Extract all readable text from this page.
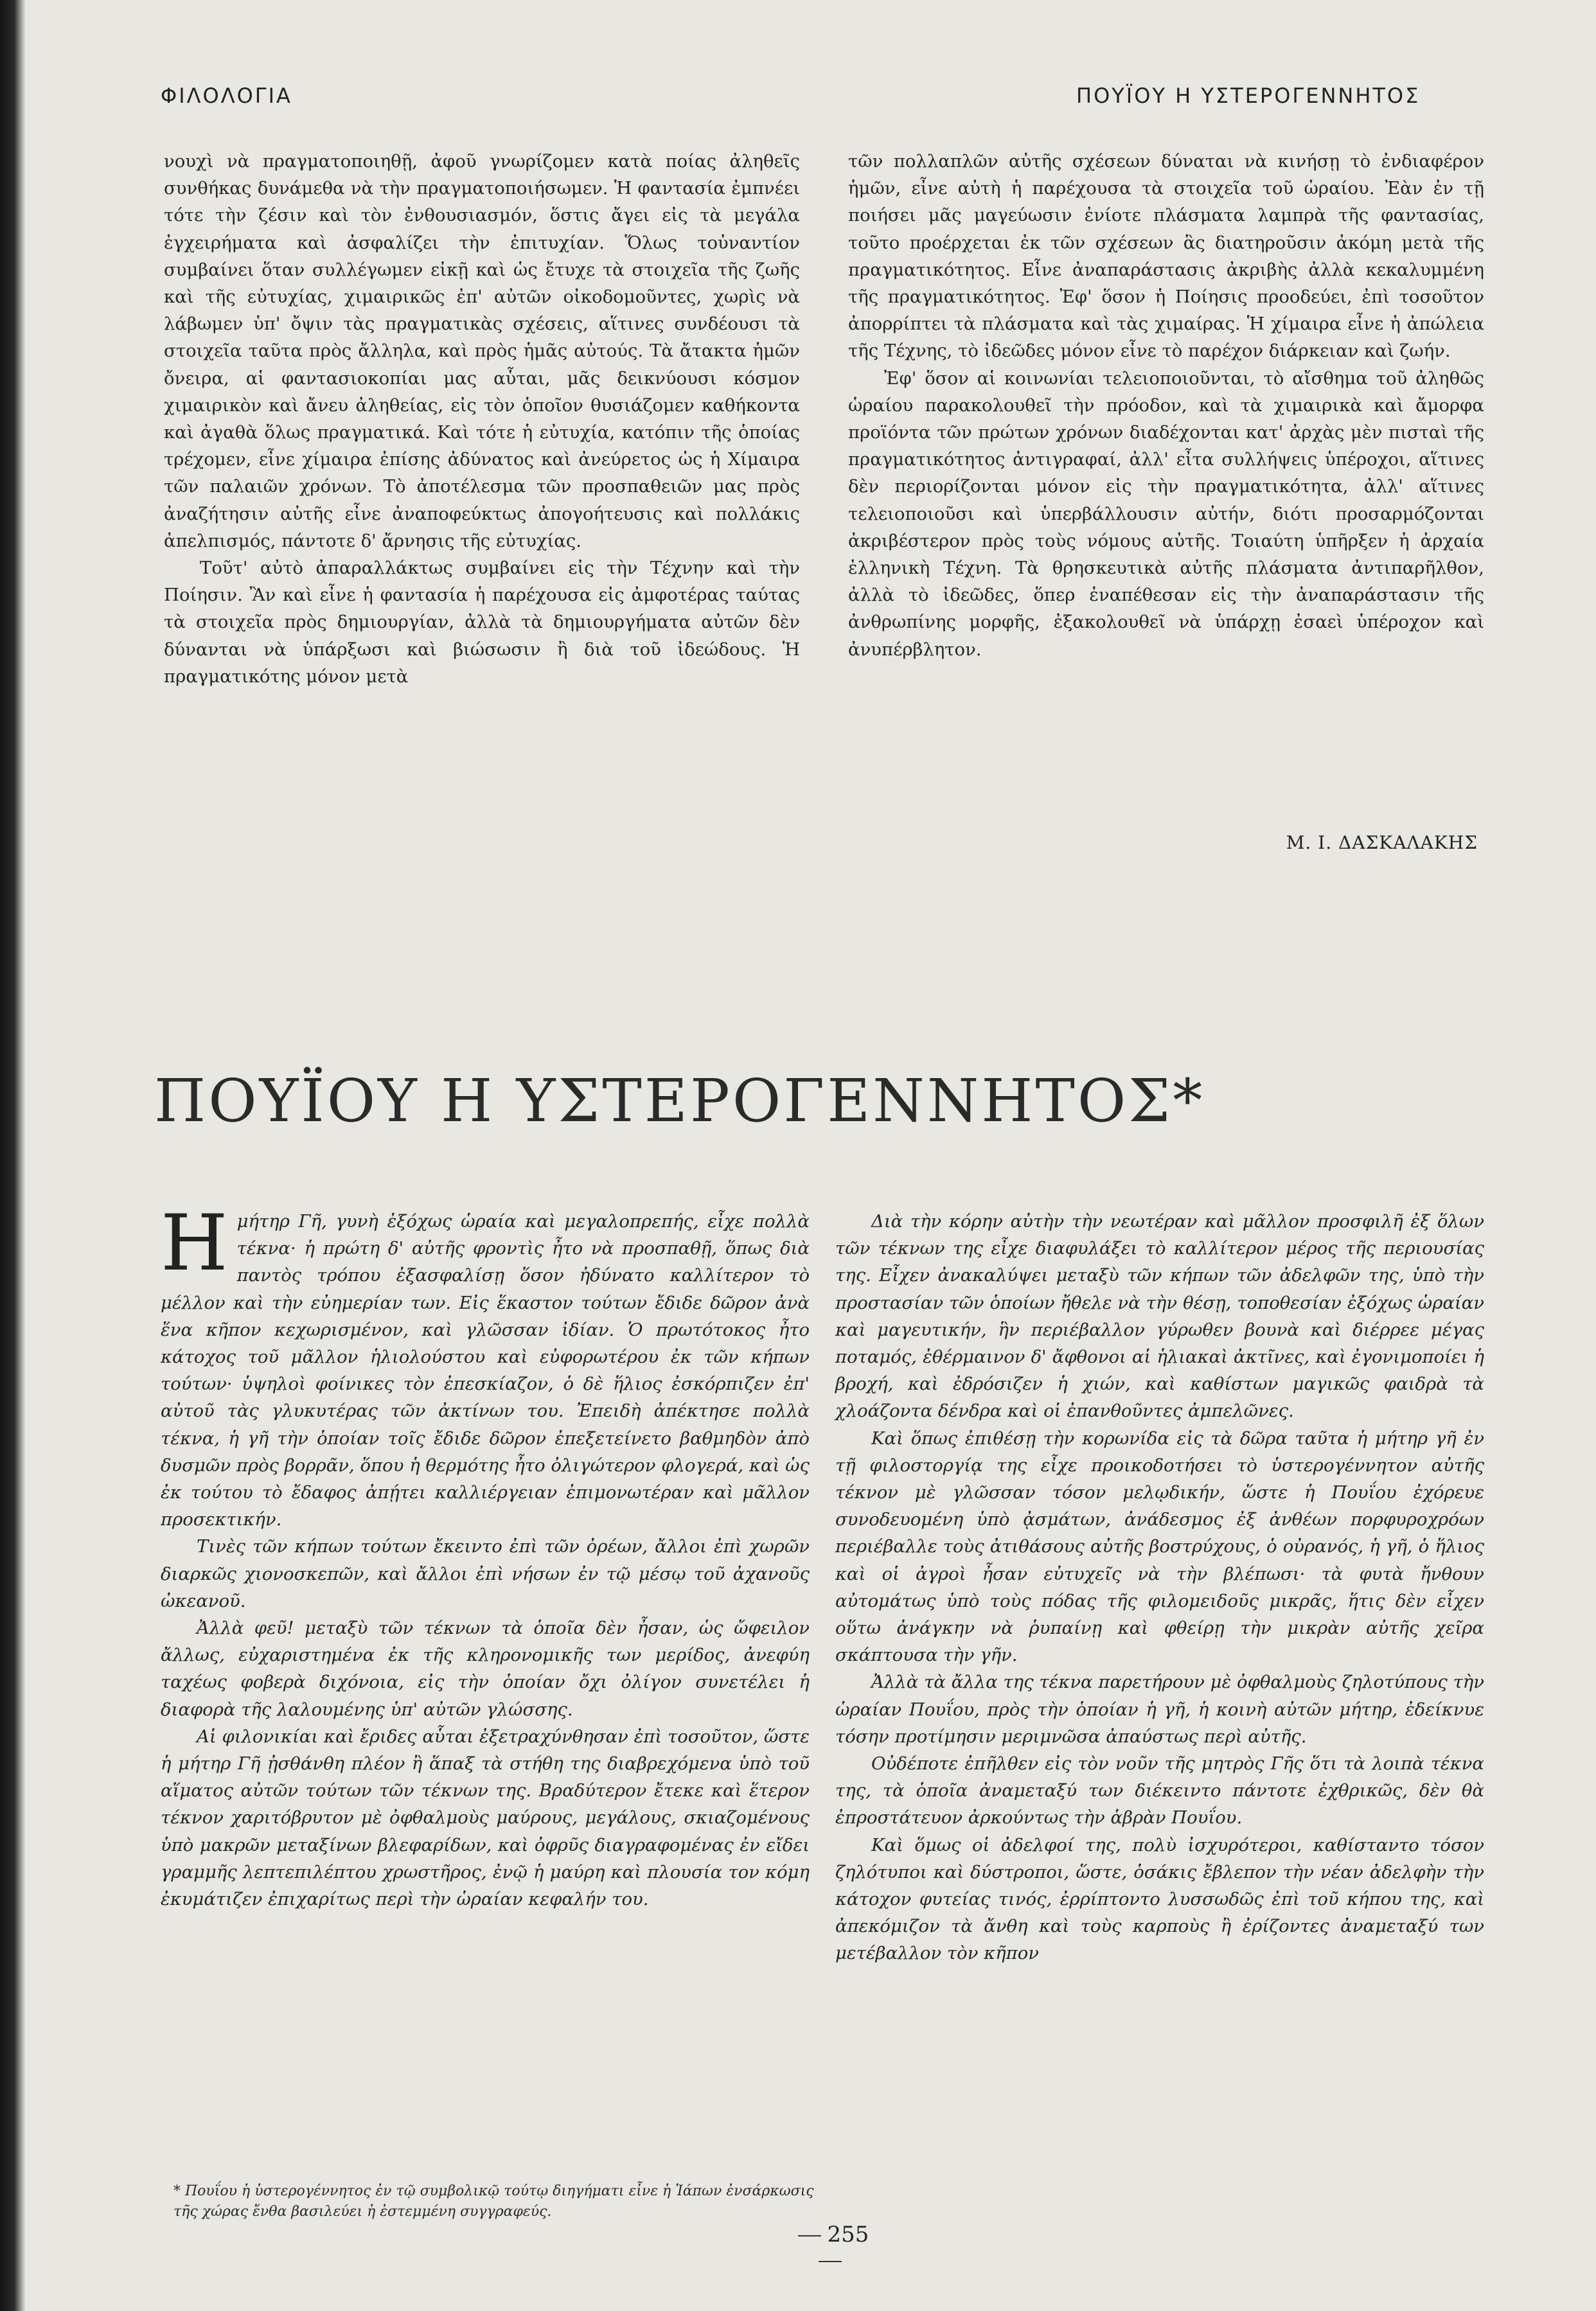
ΦΙΛΟΛΟΓΙΑ	ΠΟΥΪΟΥ Η ΥΣΤΕΡΟΓΕΝΝΗΤΟΣ

νουχὶ νὰ πραγματοποιηθῇ, ἀφοῦ γνωρίζομεν κατὰ ποίας ἀληθεῖς συνθήκας δυνάμεθα νὰ τὴν πραγματοποιήσωμεν. Ἡ φαντασία ἐμπνέει τότε τὴν ζέσιν καὶ τὸν ἐνθουσιασμόν, ὅστις ἄγει εἰς τὰ μεγάλα ἐγχειρήματα καὶ ἀσφαλίζει τὴν ἐπιτυχίαν. Ὅλως τοὐναντίον συμβαίνει ὅταν συλλέγωμεν εἰκῇ καὶ ὡς ἔτυχε τὰ στοιχεῖα τῆς ζωῆς καὶ τῆς εὐτυχίας, χιμαιρικῶς ἐπ' αὐτῶν οἰκοδομοῦντες, χωρὶς νὰ λάβωμεν ὑπ' ὄψιν τὰς πραγματικὰς σχέσεις, αἵτινες συνδέουσι τὰ στοιχεῖα ταῦτα πρὸς ἄλληλα, καὶ πρὸς ἡμᾶς αὐτούς. Τὰ ἄτακτα ἡμῶν ὄνειρα, αἱ φαντασιοκοπίαι μας αὗται, μᾶς δεικνύουσι κόσμον χιμαιρικὸν καὶ ἄνευ ἀληθείας, εἰς τὸν ὁποῖον θυσιάζομεν καθήκοντα καὶ ἀγαθὰ ὅλως πραγματικά. Καὶ τότε ἡ εὐτυχία, κατόπιν τῆς ὁποίας τρέχομεν, εἶνε χίμαιρα ἐπίσης ἀδύνατος καὶ ἀνεύρετος ὡς ἡ Χίμαιρα τῶν παλαιῶν χρόνων. Τὸ ἀποτέλεσμα τῶν προσπαθειῶν μας πρὸς ἀναζήτησιν αὐτῆς εἶνε ἀναποφεύκτως ἀπογοήτευσις καὶ πολλάκις ἀπελπισμός, πάντοτε δ' ἄρνησις τῆς εὐτυχίας.

Τοῦτ' αὐτὸ ἀπαραλλάκτως συμβαίνει εἰς τὴν Τέχνην καὶ τὴν Ποίησιν. Ἂν καὶ εἶνε ἡ φαντασία ἡ παρέχουσα εἰς ἀμφοτέρας ταύτας τὰ στοιχεῖα πρὸς δημιουργίαν, ἀλλὰ τὰ δημιουργήματα αὐτῶν δὲν δύνανται νὰ ὑπάρξωσι καὶ βιώσωσιν ἢ διὰ τοῦ ἰδεώδους. Ἡ πραγματικότης μόνον μετὰ

τῶν πολλαπλῶν αὐτῆς σχέσεων δύναται νὰ κινήσῃ τὸ ἐνδιαφέρον ἡμῶν, εἶνε αὐτὴ ἡ παρέχουσα τὰ στοιχεῖα τοῦ ὡραίου. Ἐὰν ἐν τῇ ποιήσει μᾶς μαγεύωσιν ἐνίοτε πλάσματα λαμπρὰ τῆς φαντασίας, τοῦτο προέρχεται ἐκ τῶν σχέσεων ἃς διατηροῦσιν ἀκόμη μετὰ τῆς πραγματικότητος. Εἶνε ἀναπαράστασις ἀκριβὴς ἀλλὰ κεκαλυμμένη τῆς πραγματικότητος. Ἐφ' ὅσον ἡ Ποίησις προοδεύει, ἐπὶ τοσοῦτον ἀπορρίπτει τὰ πλάσματα καὶ τὰς χιμαίρας. Ἡ χίμαιρα εἶνε ἡ ἀπώλεια τῆς Τέχνης, τὸ ἰδεῶδες μόνον εἶνε τὸ παρέχον διάρκειαν καὶ ζωήν.

Ἐφ' ὅσον αἱ κοινωνίαι τελειοποιοῦνται, τὸ αἴσθημα τοῦ ἀληθῶς ὡραίου παρακολουθεῖ τὴν πρόοδον, καὶ τὰ χιμαιρικὰ καὶ ἄμορφα προϊόντα τῶν πρώτων χρόνων διαδέχονται κατ' ἀρχὰς μὲν πισταὶ τῆς πραγματικότητος ἀντιγραφαί, ἀλλ' εἶτα συλλήψεις ὑπέροχοι, αἵτινες δὲν περιορίζονται μόνον εἰς τὴν πραγματικότητα, ἀλλ' αἵτινες τελειοποιοῦσι καὶ ὑπερβάλλουσιν αὐτήν, διότι προσαρμόζονται ἀκριβέστερον πρὸς τοὺς νόμους αὐτῆς. Τοιαύτη ὑπῆρξεν ἡ ἀρχαία ἑλληνικὴ Τέχνη. Τὰ θρησκευτικὰ αὐτῆς πλάσματα ἀντιπαρῆλθον, ἀλλὰ τὸ ἰδεῶδες, ὅπερ ἐναπέθεσαν εἰς τὴν ἀναπαράστασιν τῆς ἀνθρωπίνης μορφῆς, ἐξακολουθεῖ νὰ ὑπάρχῃ ἐσαεὶ ὑπέροχον καὶ ἀνυπέρβλητον.

Μ. Ι. ΔΑΣΚΑΛΑΚΗΣ
ΠΟΥΪΟΥ Η ΥΣΤΕΡΟΓΕΝΝΗΤΟΣ*

Ημήτηρ Γῆ, γυνὴ ἐξόχως ὡραία καὶ μεγαλοπρεπής, εἶχε πολλὰ τέκνα· ἡ πρώτη δ' αὐτῆς φροντὶς ἦτο νὰ προσπαθῇ, ὅπως διὰ παντὸς τρόπου ἐξασφαλίσῃ ὅσον ἠδύνατο καλλίτερον τὸ μέλλον καὶ τὴν εὐημερίαν των. Εἰς ἕκαστον τούτων ἔδιδε δῶρον ἀνὰ ἕνα κῆπον κεχωρισμένον, καὶ γλῶσσαν ἰδίαν. Ὁ πρωτότοκος ἦτο κάτοχος τοῦ μᾶλλον ἡλιολούστου καὶ εὐφορωτέρου ἐκ τῶν κήπων τούτων· ὑψηλοὶ φοίνικες τὸν ἐπεσκίαζον, ὁ δὲ ἥλιος ἐσκόρπιζεν ἐπ' αὐτοῦ τὰς γλυκυτέρας τῶν ἀκτίνων του. Ἐπειδὴ ἀπέκτησε πολλὰ τέκνα, ἡ γῆ τὴν ὁποίαν τοῖς ἔδιδε δῶρον ἐπεξετείνετο βαθμηδὸν ἀπὸ δυσμῶν πρὸς βορρᾶν, ὅπου ἡ θερμότης ἦτο ὀλιγώτερον φλογερά, καὶ ὡς ἐκ τούτου τὸ ἔδαφος ἀπῄτει καλλιέργειαν ἐπιμονωτέραν καὶ μᾶλλον προσεκτικήν.

Τινὲς τῶν κήπων τούτων ἔκειντο ἐπὶ τῶν ὀρέων, ἄλλοι ἐπὶ χωρῶν διαρκῶς χιονοσκεπῶν, καὶ ἄλλοι ἐπὶ νήσων ἐν τῷ μέσῳ τοῦ ἀχανοῦς ὠκεανοῦ.

Ἀλλὰ φεῦ! μεταξὺ τῶν τέκνων τὰ ὁποῖα δὲν ἦσαν, ὡς ὤφειλον ἄλλως, εὐχαριστημένα ἐκ τῆς κληρονομικῆς των μερίδος, ἀνεφύη ταχέως φοβερὰ διχόνοια, εἰς τὴν ὁποίαν ὄχι ὀλίγον συνετέλει ἡ διαφορὰ τῆς λαλουμένης ὑπ' αὐτῶν γλώσσης.

Αἱ φιλονικίαι καὶ ἔριδες αὗται ἐξετραχύνθησαν ἐπὶ τοσοῦτον, ὥστε ἡ μήτηρ Γῆ ᾐσθάνθη πλέον ἢ ἅπαξ τὰ στήθη της διαβρεχόμενα ὑπὸ τοῦ αἵματος αὐτῶν τούτων τῶν τέκνων της. Βραδύτερον ἔτεκε καὶ ἕτερον τέκνον χαριτόβρυτον μὲ ὀφθαλμοὺς μαύρους, μεγάλους, σκιαζομένους ὑπὸ μακρῶν μεταξίνων βλεφαρίδων, καὶ ὀφρῦς διαγραφομένας ἐν εἴδει γραμμῆς λεπτεπιλέπτου χρωστῆρος, ἐνῷ ἡ μαύρη καὶ πλουσία τον κόμη ἐκυμάτιζεν ἐπιχαρίτως περὶ τὴν ὡραίαν κεφαλήν του.

Διὰ τὴν κόρην αὐτὴν τὴν νεωτέραν καὶ μᾶλλον προσφιλῆ ἐξ ὅλων τῶν τέκνων της εἶχε διαφυλάξει τὸ καλλίτερον μέρος τῆς περιουσίας της. Εἶχεν ἀνακαλύψει μεταξὺ τῶν κήπων τῶν ἀδελφῶν της, ὑπὸ τὴν προστασίαν τῶν ὁποίων ἤθελε νὰ τὴν θέσῃ, τοποθεσίαν ἐξόχως ὡραίαν καὶ μαγευτικήν, ἣν περιέβαλλον γύρωθεν βουνὰ καὶ διέρρεε μέγας ποταμός, ἐθέρμαινον δ' ἄφθονοι αἱ ἡλιακαὶ ἀκτῖνες, καὶ ἐγονιμοποίει ἡ βροχή, καὶ ἐδρόσιζεν ἡ χιών, καὶ καθίστων μαγικῶς φαιδρὰ τὰ χλοάζοντα δένδρα καὶ οἱ ἐπανθοῦντες ἀμπελῶνες.

Καὶ ὅπως ἐπιθέσῃ τὴν κορωνίδα εἰς τὰ δῶρα ταῦτα ἡ μήτηρ γῆ ἐν τῇ φιλοστοργίᾳ της εἶχε προικοδοτήσει τὸ ὑστερογέννητον αὐτῆς τέκνον μὲ γλῶσσαν τόσον μελῳδικήν, ὥστε ἡ Πουΐου ἐχόρευε συνοδευομένη ὑπὸ ᾀσμάτων, ἀνάδεσμος ἐξ ἀνθέων πορφυροχρόων περιέβαλλε τοὺς ἀτιθάσους αὐτῆς βοστρύχους, ὁ οὐρανός, ἡ γῆ, ὁ ἥλιος καὶ οἱ ἀγροὶ ἦσαν εὐτυχεῖς νὰ τὴν βλέπωσι· τὰ φυτὰ ἤνθουν αὐτομάτως ὑπὸ τοὺς πόδας τῆς φιλομειδοῦς μικρᾶς, ἥτις δὲν εἶχεν οὕτω ἀνάγκην νὰ ῥυπαίνῃ καὶ φθείρῃ τὴν μικρὰν αὐτῆς χεῖρα σκάπτουσα τὴν γῆν.

Ἀλλὰ τὰ ἄλλα της τέκνα παρετήρουν μὲ ὀφθαλμοὺς ζηλοτύπους τὴν ὡραίαν Πουΐου, πρὸς τὴν ὁποίαν ἡ γῆ, ἡ κοινὴ αὐτῶν μήτηρ, ἐδείκνυε τόσην προτίμησιν μεριμνῶσα ἀπαύστως περὶ αὐτῆς.

Οὐδέποτε ἐπῆλθεν εἰς τὸν νοῦν τῆς μητρὸς Γῆς ὅτι τὰ λοιπὰ τέκνα της, τὰ ὁποῖα ἀναμεταξύ των διέκειντο πάντοτε ἐχθρικῶς, δὲν θὰ ἐπροστάτευον ἀρκούντως τὴν ἁβρὰν Πουΐου.

Καὶ ὅμως οἱ ἀδελφοί της, πολὺ ἰσχυρότεροι, καθίσταντο τόσον ζηλότυποι καὶ δύστροποι, ὥστε, ὁσάκις ἔβλεπον τὴν νέαν ἀδελφὴν τὴν κάτοχον φυτείας τινός, ἐρρίπτοντο λυσσωδῶς ἐπὶ τοῦ κήπου της, καὶ ἀπεκόμιζον τὰ ἄνθη καὶ τοὺς καρποὺς ἢ ἐρίζοντες ἀναμεταξύ των μετέβαλλον τὸν κῆπον

* Πουΐου ἡ ὑστερογέννητος ἐν τῷ συμβολικῷ τούτῳ διηγήματι εἶνε ἡ Ἰάπων ἐνσάρκωσις τῆς χώρας ἔνθα βασιλεύει ἡ ἐστεμμένη συγγραφεύς.
255
